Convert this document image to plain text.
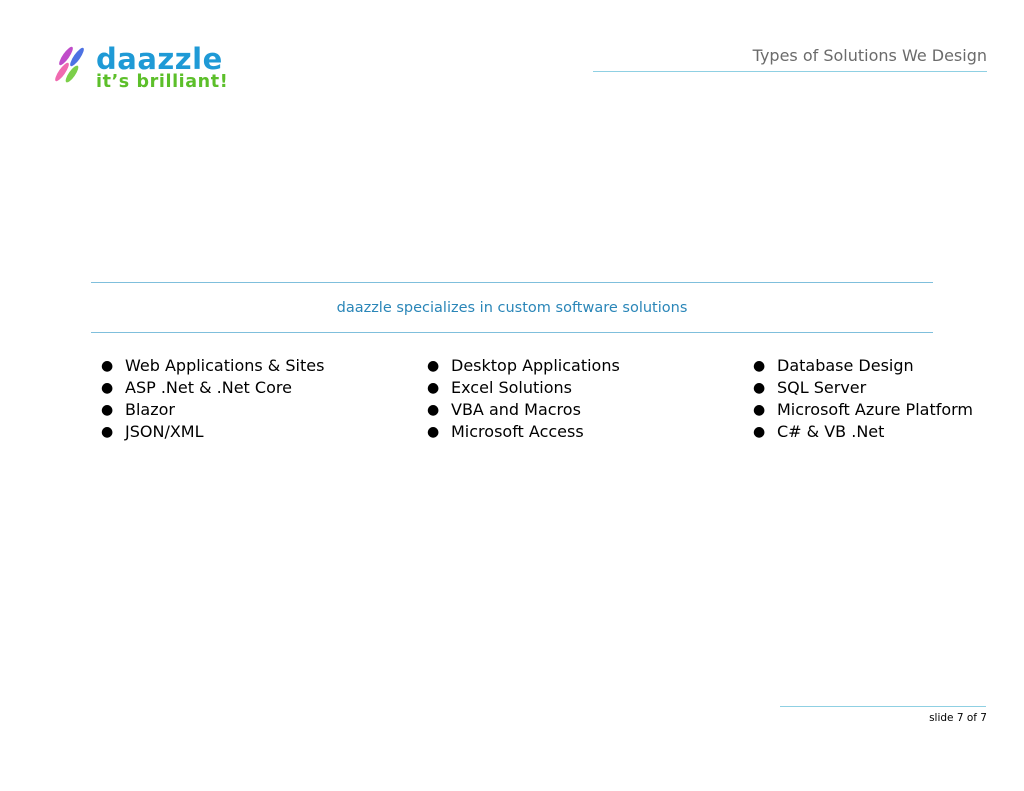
daazzle
it’s brilliant!
Types of Solutions We Design
daazzle specializes in custom software solutions
● Web Applications & Sites
● ASP .Net & .Net Core
● Blazor
● JSON/XML
● Desktop Applications
● Excel Solutions
● VBA and Macros
● Microsoft Access
● Database Design
● SQL Server
● Microsoft Azure Platform
● C# & VB .Net
slide 7 of 7
